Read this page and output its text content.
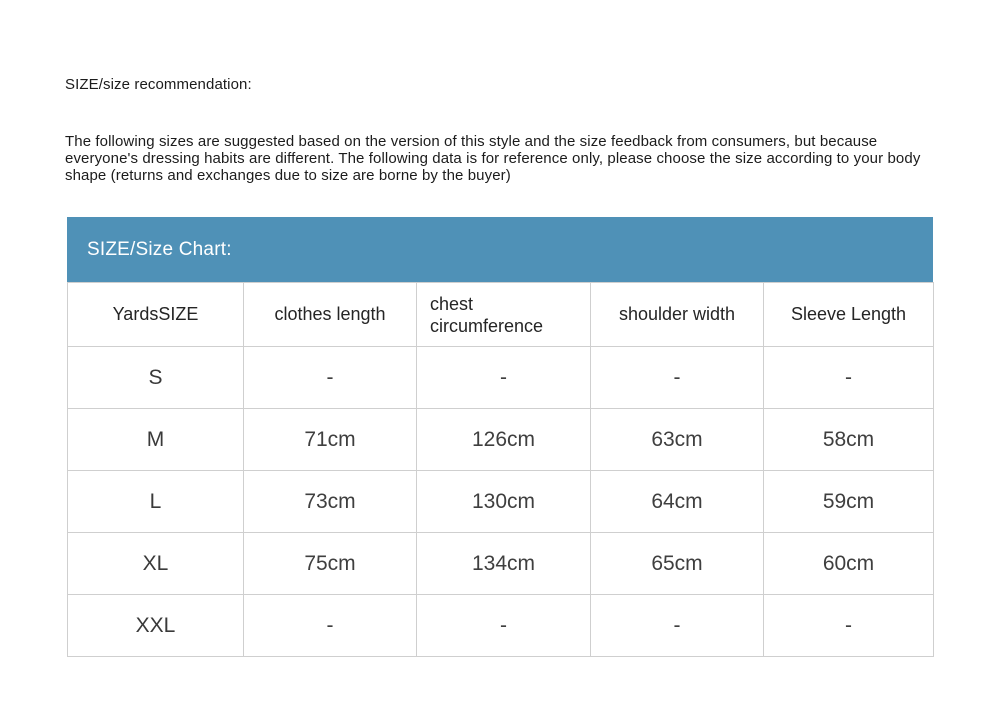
SIZE/size recommendation:
The following sizes are suggested based on the version of this style and the size feedback from consumers, but because everyone's dressing habits are different. The following data is for reference only, please choose the size according to your body shape (returns and exchanges due to size are borne by the buyer)
SIZE/Size Chart:
YardsSIZE	clothes length	chest circumference	shoulder width	Sleeve Length
S	-	-	-	-
M	71cm	126cm	63cm	58cm
L	73cm	130cm	64cm	59cm
XL	75cm	134cm	65cm	60cm
XXL	-	-	-	-
